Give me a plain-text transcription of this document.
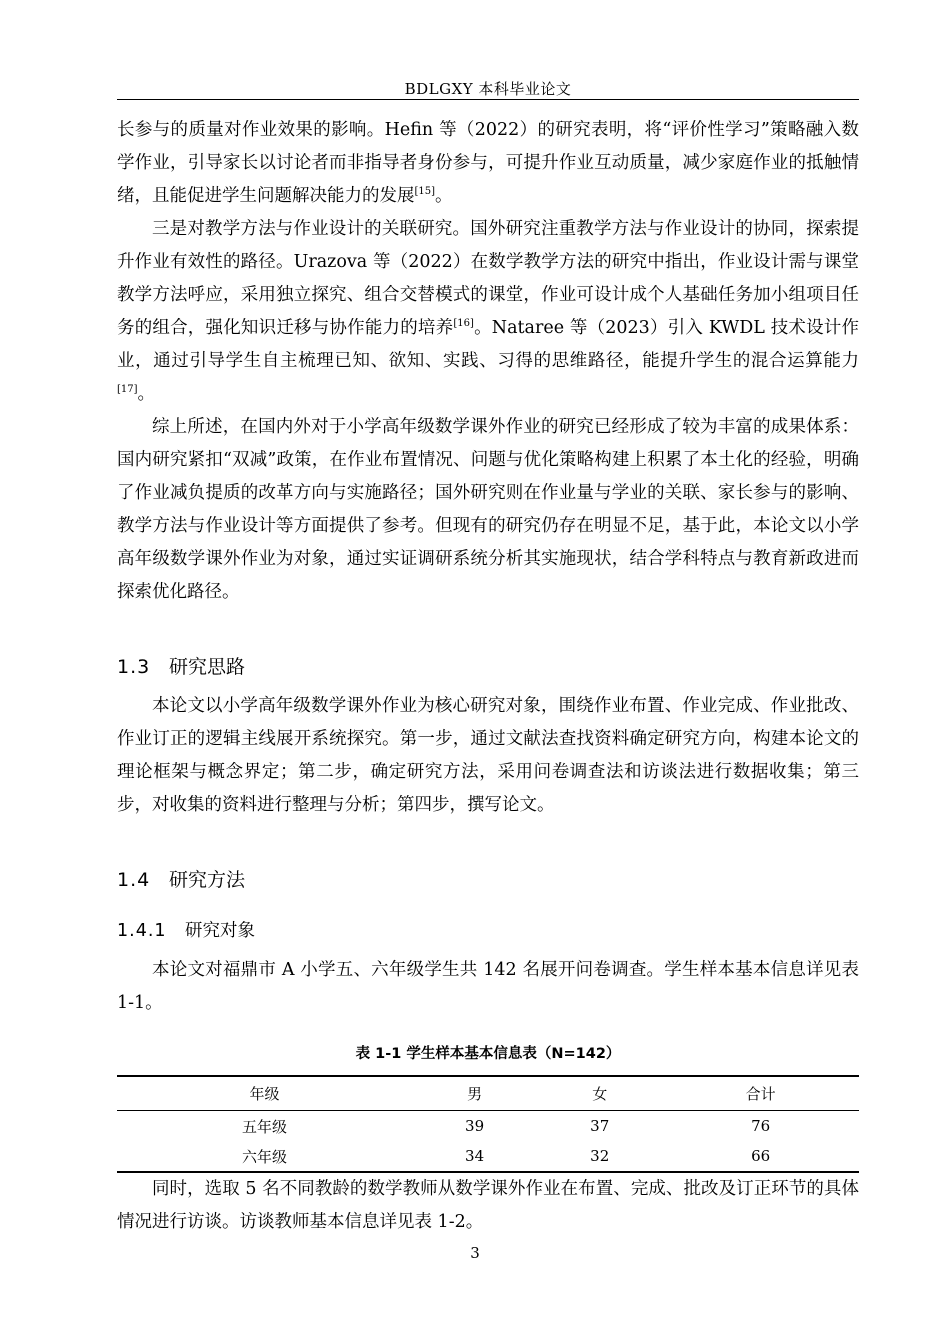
BDLGXY 本科毕业论文

长参与的质量对作业效果的影响。Hefin 等（2022）的研究表明，将“评价性学习”策略融入数学作业，引导家长以讨论者而非指导者身份参与，可提升作业互动质量，减少家庭作业的抵触情绪，且能促进学生问题解决能力的发展[15]。

三是对教学方法与作业设计的关联研究。国外研究注重教学方法与作业设计的协同，探索提升作业有效性的路径。Urazova 等（2022）在数学教学方法的研究中指出，作业设计需与课堂教学方法呼应，采用独立探究、组合交替模式的课堂，作业可设计成个人基础任务加小组项目任务的组合，强化知识迁移与协作能力的培养[16]。Nataree 等（2023）引入 KWDL 技术设计作业，通过引导学生自主梳理已知、欲知、实践、习得的思维路径，能提升学生的混合运算能力[17]。

综上所述，在国内外对于小学高年级数学课外作业的研究已经形成了较为丰富的成果体系：国内研究紧扣“双减”政策，在作业布置情况、问题与优化策略构建上积累了本土化的经验，明确了作业减负提质的改革方向与实施路径；国外研究则在作业量与学业的关联、家长参与的影响、教学方法与作业设计等方面提供了参考。但现有的研究仍存在明显不足，基于此，本论文以小学高年级数学课外作业为对象，通过实证调研系统分析其实施现状，结合学科特点与教育新政进而探索优化路径。

1.3 研究思路

本论文以小学高年级数学课外作业为核心研究对象，围绕作业布置、作业完成、作业批改、作业订正的逻辑主线展开系统探究。第一步，通过文献法查找资料确定研究方向，构建本论文的理论框架与概念界定；第二步，确定研究方法，采用问卷调查法和访谈法进行数据收集；第三步，对收集的资料进行整理与分析；第四步，撰写论文。

1.4 研究方法

1.4.1 研究对象

本论文对福鼎市 A 小学五、六年级学生共 142 名展开问卷调查。学生样本基本信息详见表 1-1。

表 1-1 学生样本基本信息表（N=142）

年级	男	女	合计
五年级	39	37	76
六年级	34	32	66

同时，选取 5 名不同教龄的数学教师从数学课外作业在布置、完成、批改及订正环节的具体情况进行访谈。访谈教师基本信息详见表 1-2。

3
